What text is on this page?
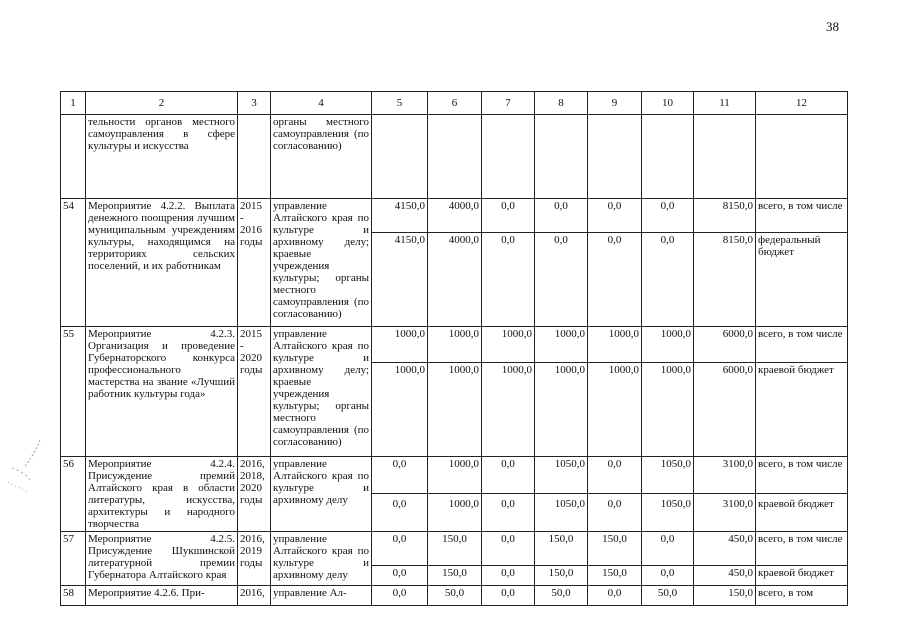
38
1	2	3	4	5	6	7	8	9	10	11	12
	тельности органов местного самоуправления в сфере культуры и искусства		органы местного самоуправления (по согласованию)								
54	Мероприятие 4.2.2. Выплата денежного поощрения лучшим муниципальным учреждениям культуры, находящимся на территориях сельских поселений, и их работникам	2015 - 2016 годы	управление Алтайского края по культуре и архивному делу; краевые учреждения культуры; органы местного самоуправления (по согласованию)	4150,0	4000,0	0,0	0,0	0,0	0,0	8150,0	всего, в том числе
				4150,0	4000,0	0,0	0,0	0,0	0,0	8150,0	федеральный бюджет
55	Мероприятие 4.2.3. Организация и проведение Губернаторского конкурса профессионального мастерства на звание «Лучший работник культуры года»	2015 - 2020 годы	управление Алтайского края по культуре и архивному делу; краевые учреждения культуры; органы местного самоуправления (по согласованию)	1000,0	1000,0	1000,0	1000,0	1000,0	1000,0	6000,0	всего, в том числе
				1000,0	1000,0	1000,0	1000,0	1000,0	1000,0	6000,0	краевой бюджет
56	Мероприятие 4.2.4. Присуждение премий Алтайского края в области литературы, искусства, архитектуры и народного творчества	2016, 2018, 2020 годы	управление Алтайского края по культуре и архивному делу	0,0	1000,0	0,0	1050,0	0,0	1050,0	3100,0	всего, в том числе
				0,0	1000,0	0,0	1050,0	0,0	1050,0	3100,0	краевой бюджет
57	Мероприятие 4.2.5. Присуждение Шукшинской литературной премии Губернатора Алтайского края	2016, 2019 годы	управление Алтайского края по культуре и архивному делу	0,0	150,0	0,0	150,0	150,0	0,0	450,0	всего, в том числе
				0,0	150,0	0,0	150,0	150,0	0,0	450,0	краевой бюджет
58	Мероприятие 4.2.6. При-	2016,	управление Ал-	0,0	50,0	0,0	50,0	0,0	50,0	150,0	всего, в том
